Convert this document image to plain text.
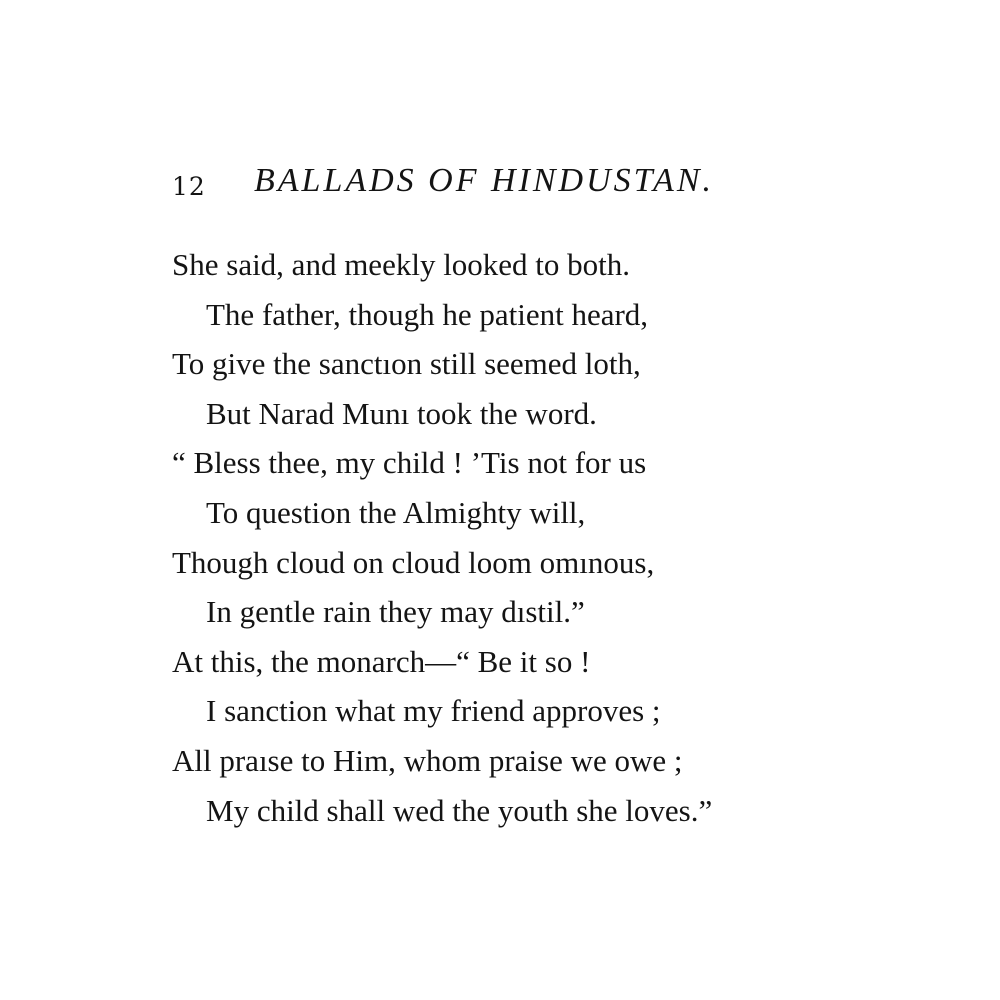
12 BALLADS OF HINDUSTAN.
She said, and meekly looked to both.
The father, though he patient heard,
To give the sanctıon still seemed loth,
But Narad Munı took the word.
“ Bless thee, my child ! ’Tis not for us
To question the Almighty will,
Though cloud on cloud loom omınous,
In gentle rain they may dıstil.”
At this, the monarch—“ Be it so !
I sanction what my friend approves ;
All praıse to Him, whom praise we owe ;
My child shall wed the youth she loves.”
